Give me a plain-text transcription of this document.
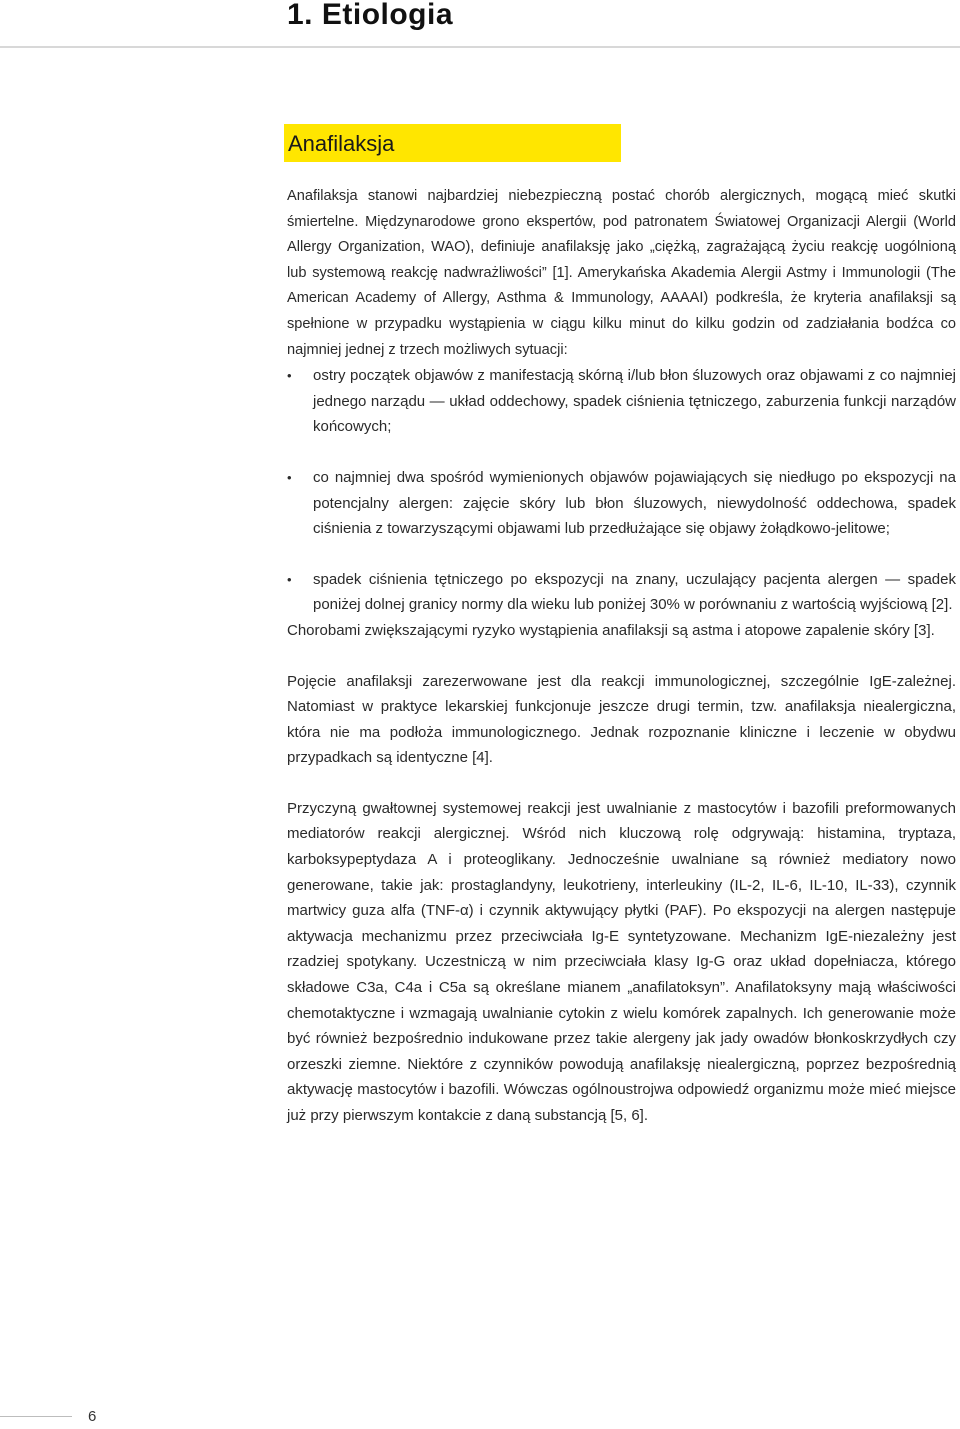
1. Etiologia
Anafilaksja

Anafilaksja stanowi najbardziej niebezpieczną postać chorób alergicznych, mogącą mieć skutki śmiertelne. Międzynarodowe grono ekspertów, pod patronatem Światowej Organizacji Alergii (World Allergy Organization, WAO), definiuje anafilaksję jako „ciężką, zagrażającą życiu reakcję uogólnioną lub systemową reakcję nadwrażliwości” [1]. Amerykańska Akademia Alergii Astmy i Immunologii (The American Academy of Allergy, Asthma & Immunology, AAAAI) podkreśla, że kryteria anafilaksji są spełnione w przypadku wystąpienia w ciągu kilku minut do kilku godzin od zadziałania bodźca co najmniej jednej z trzech możliwych sytuacji:

•	ostry początek objawów z manifestacją skórną i/lub błon śluzowych oraz objawami z co najmniej jednego narządu — układ oddechowy, spadek ciśnienia tętniczego, zaburzenia funkcji narządów końcowych;
•	co najmniej dwa spośród wymienionych objawów pojawiających się niedługo po ekspozycji na potencjalny alergen: zajęcie skóry lub błon śluzowych, niewydolność oddechowa, spadek ciśnienia z towarzyszącymi objawami lub przedłużające się objawy żołądkowo-jelitowe;
•	spadek ciśnienia tętniczego po ekspozycji na znany, uczulający pacjenta alergen — spadek poniżej dolnej granicy normy dla wieku lub poniżej 30% w porównaniu z wartością wyjściową [2].

Chorobami zwiększającymi ryzyko wystąpienia anafilaksji są astma i atopowe zapalenie skóry [3].

Pojęcie anafilaksji zarezerwowane jest dla reakcji immunologicznej, szczególnie IgE-zależnej. Natomiast w praktyce lekarskiej funkcjonuje jeszcze drugi termin, tzw. anafilaksja niealergiczna, która nie ma podłoża immunologicznego. Jednak rozpoznanie kliniczne i leczenie w obydwu przypadkach są identyczne [4].

Przyczyną gwałtownej systemowej reakcji jest uwalnianie z mastocytów i bazofili preformowanych mediatorów reakcji alergicznej. Wśród nich kluczową rolę odgrywają: histamina, tryptaza, karboksypeptydaza A i proteoglikany. Jednocześnie uwalniane są również mediatory nowo generowane, takie jak: prostaglandyny, leukotrieny, interleukiny (IL-2, IL-6, IL-10, IL-33), czynnik martwicy guza alfa (TNF-α) i czynnik aktywujący płytki (PAF). Po ekspozycji na alergen następuje aktywacja mechanizmu przez przeciwciała Ig-E syntetyzowane. Mechanizm IgE-niezależny jest rzadziej spotykany. Uczestniczą w nim przeciwciała klasy Ig-G oraz układ dopełniacza, którego składowe C3a, C4a i C5a są określane mianem „anafilatoksyn”. Anafilatoksyny mają właściwości chemotaktyczne i wzmagają uwalnianie cytokin z wielu komórek zapalnych. Ich generowanie może być również bezpośrednio indukowane przez takie alergeny jak jady owadów błonkoskrzydłych czy orzeszki ziemne. Niektóre z czynników powodują anafilaksję niealergiczną, poprzez bezpośrednią aktywację mastocytów i bazofili. Wówczas ogólnoustrojwa odpowiedź organizmu może mieć miejsce już przy pierwszym kontakcie z daną substancją [5, 6].

6
